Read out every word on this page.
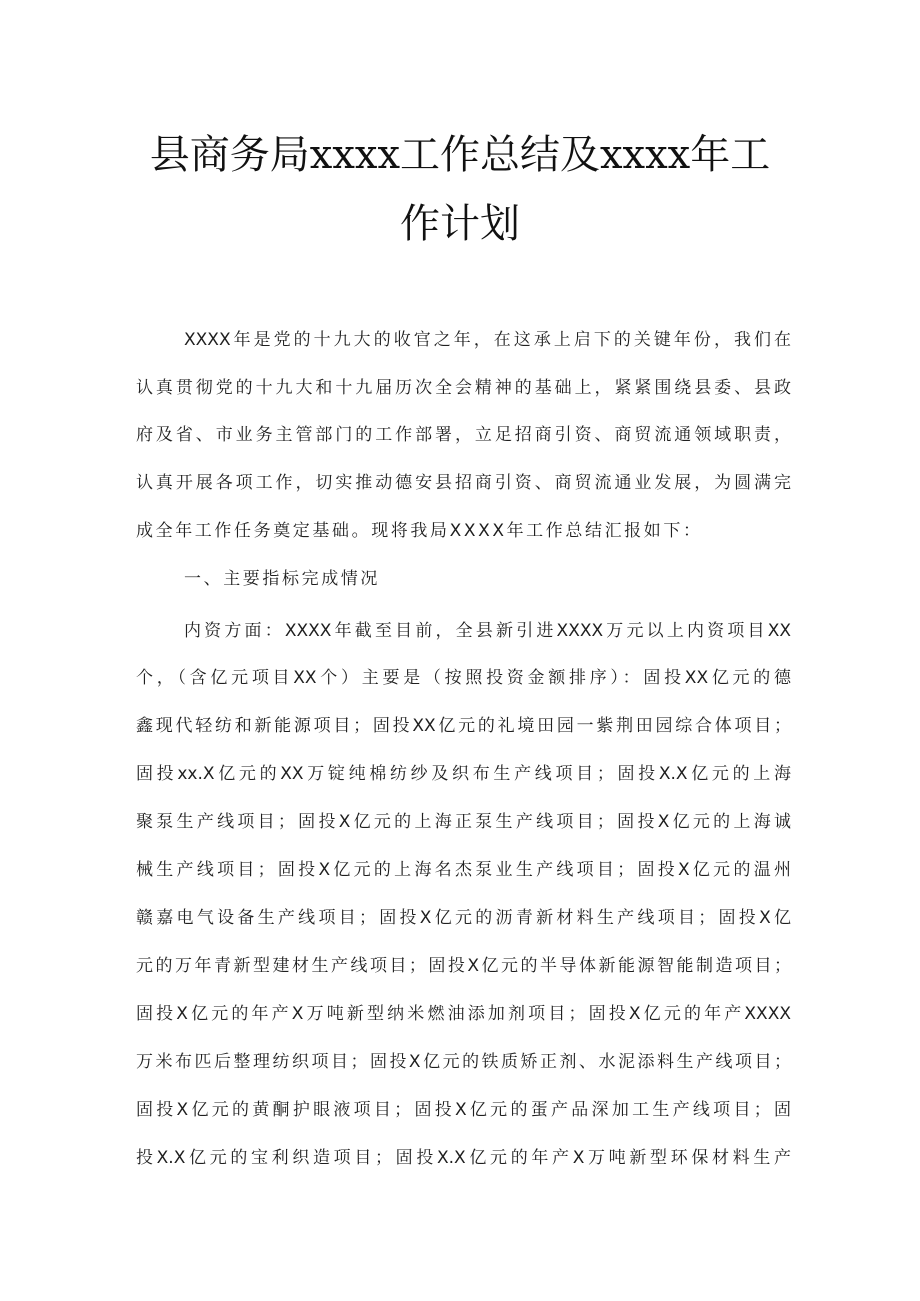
县商务局xxxx工作总结及xxxx年工
作计划
XXXX年是党的十九大的收官之年，在这承上启下的关键年份，我们在
认真贯彻党的十九大和十九届历次全会精神的基础上，紧紧围绕县委、县政
府及省、市业务主管部门的工作部署，立足招商引资、商贸流通领域职责，
认真开展各项工作，切实推动德安县招商引资、商贸流通业发展，为圆满完
成全年工作任务奠定基础。现将我局XXXX年工作总结汇报如下：
一、主要指标完成情况
内资方面：XXXX年截至目前，全县新引进XXXX万元以上内资项目XX
个，（含亿元项目XX个）主要是（按照投资金额排序）：固投XX亿元的德
鑫现代轻纺和新能源项目；固投XX亿元的礼境田园一紫荆田园综合体项目；
固投xx.X亿元的XX万锭纯棉纺纱及织布生产线项目；固投X.X亿元的上海
聚泵生产线项目；固投X亿元的上海正泵生产线项目；固投X亿元的上海诚
械生产线项目；固投X亿元的上海名杰泵业生产线项目；固投X亿元的温州
赣嘉电气设备生产线项目；固投X亿元的沥青新材料生产线项目；固投X亿
元的万年青新型建材生产线项目；固投X亿元的半导体新能源智能制造项目；
固投X亿元的年产X万吨新型纳米燃油添加剂项目；固投X亿元的年产XXXX
万米布匹后整理纺织项目；固投X亿元的铁质矫正剂、水泥添料生产线项目；
固投X亿元的黄酮护眼液项目；固投X亿元的蛋产品深加工生产线项目；固
投X.X亿元的宝利织造项目；固投X.X亿元的年产X万吨新型环保材料生产
